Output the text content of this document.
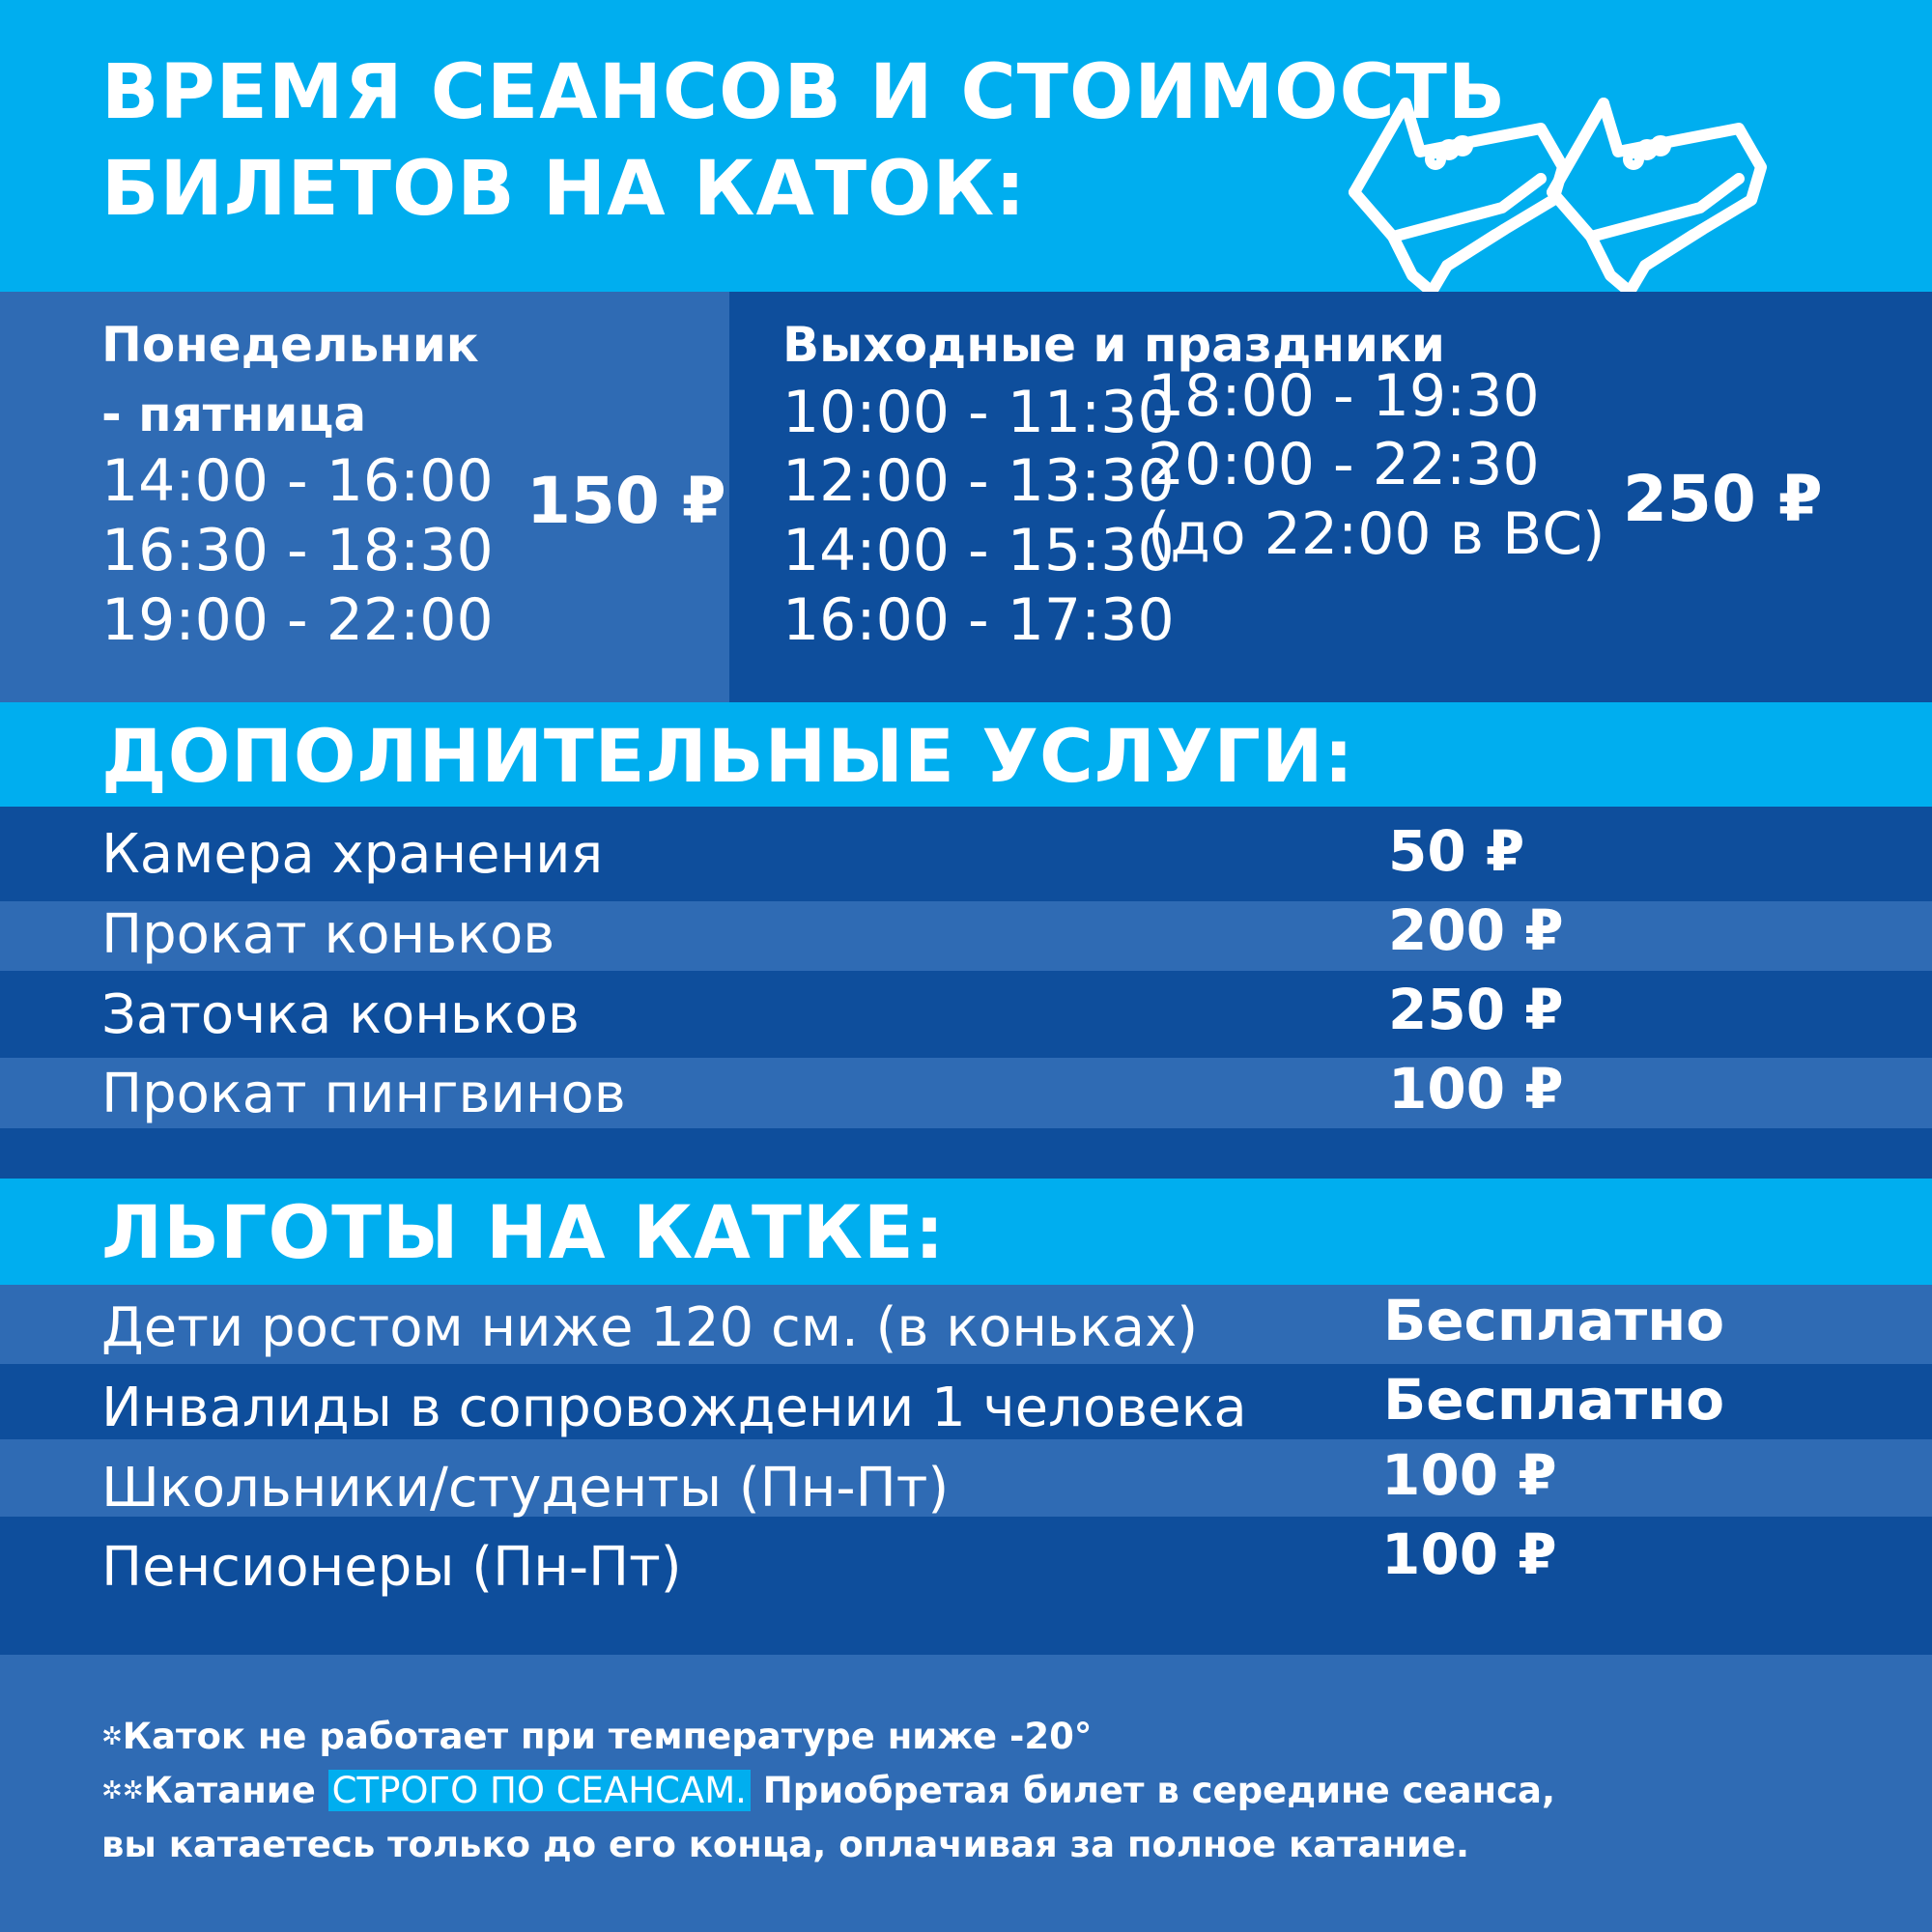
ВРЕМЯ СЕАНСОВ И СТОИМОСТЬ
БИЛЕТОВ НА КАТОК:
Понедельник
- пятница
14:00 - 16:00
16:30 - 18:30
19:00 - 22:00
150 ₽
Выходные и праздники
10:00 - 11:30
12:00 - 13:30
14:00 - 15:30
16:00 - 17:30
18:00 - 19:30
20:00 - 22:30
(до 22:00 в ВС) 250 ₽
ДОПОЛНИТЕЛЬНЫЕ УСЛУГИ:
Камера хранения	50 ₽
Прокат коньков	200 ₽
Заточка коньков	250 ₽
Прокат пингвинов	100 ₽
ЛЬГОТЫ НА КАТКЕ:
Дети ростом ниже 120 см. (в коньках)	Бесплатно
Инвалиды в сопровождении 1 человека Бесплатно
Школьники/студенты (Пн-Пт)	100 ₽
Пенсионеры (Пн-Пт)	100 ₽
✲Каток не работает при температуре ниже -20°
✲✲Катание СТРОГО ПО СЕАНСАМ. Приобретая билет в середине сеанса,
вы катаетесь только до его конца, оплачивая за полное катание.
